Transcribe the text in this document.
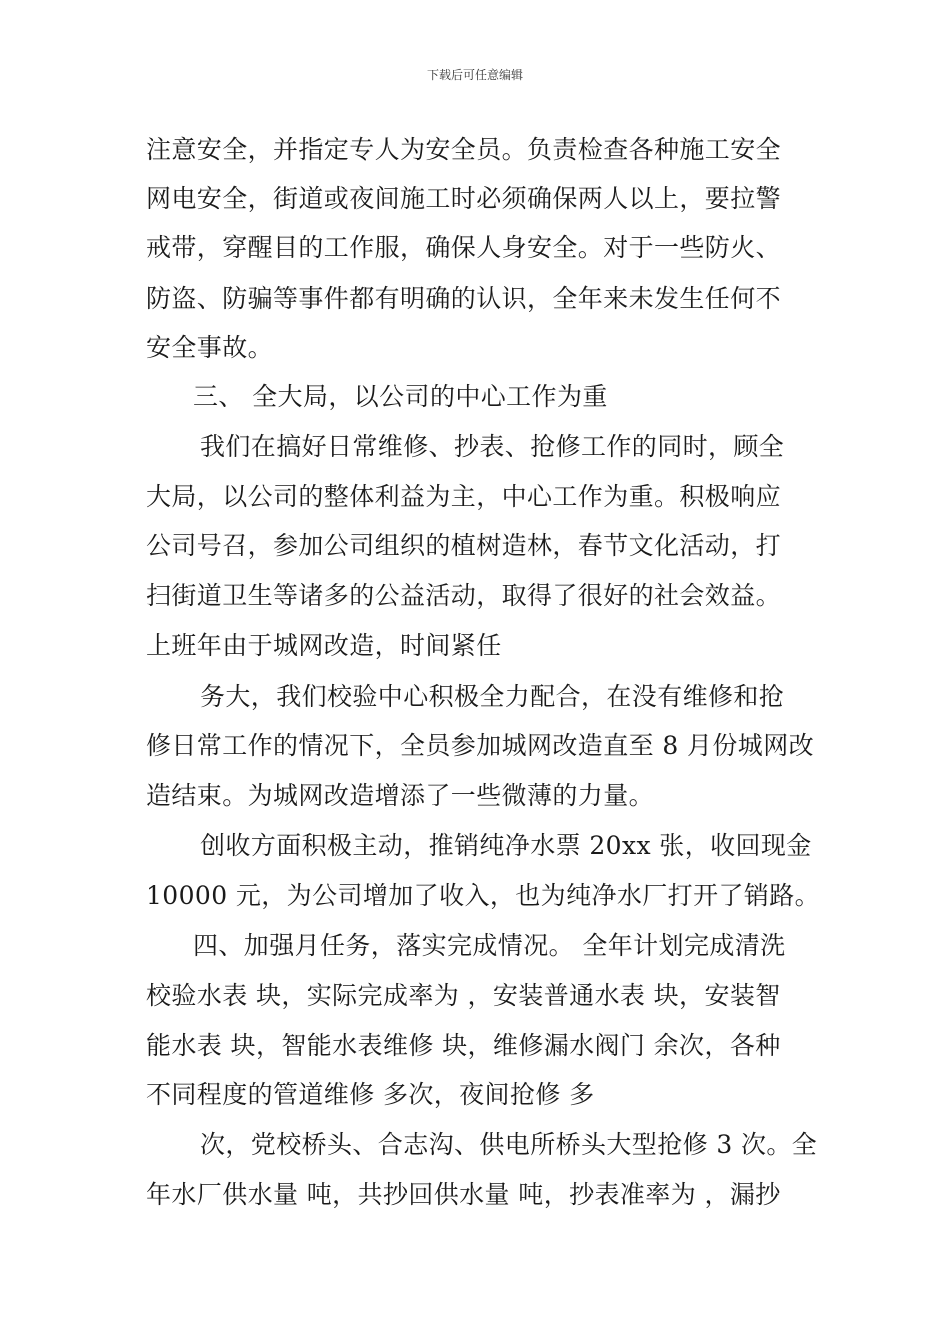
下载后可任意编辑
注意安全，并指定专人为安全员。负责检查各种施工安全
网电安全，街道或夜间施工时必须确保两人以上，要拉警
戒带，穿醒目的工作服，确保人身安全。对于一些防火、
防盗、防骗等事件都有明确的认识，全年来未发生任何不
安全事故。
三、 全大局，以公司的中心工作为重
我们在搞好日常维修、抄表、抢修工作的同时，顾全
大局，以公司的整体利益为主，中心工作为重。积极响应
公司号召，参加公司组织的植树造林，春节文化活动，打
扫街道卫生等诸多的公益活动，取得了很好的社会效益。
上班年由于城网改造，时间紧任
务大，我们校验中心积极全力配合，在没有维修和抢
修日常工作的情况下，全员参加城网改造直至 8 月份城网改
造结束。为城网改造增添了一些微薄的力量。
创收方面积极主动，推销纯净水票 20xx 张，收回现金
10000 元，为公司增加了收入，也为纯净水厂打开了销路。
四、加强月任务，落实完成情况。 全年计划完成清洗
校验水表 块，实际完成率为 ，安装普通水表 块，安装智
能水表 块，智能水表维修 块，维修漏水阀门 余次，各种
不同程度的管道维修 多次，夜间抢修 多
次，党校桥头、合志沟、供电所桥头大型抢修 3 次。全
年水厂供水量 吨，共抄回供水量 吨，抄表准率为 ，漏抄
